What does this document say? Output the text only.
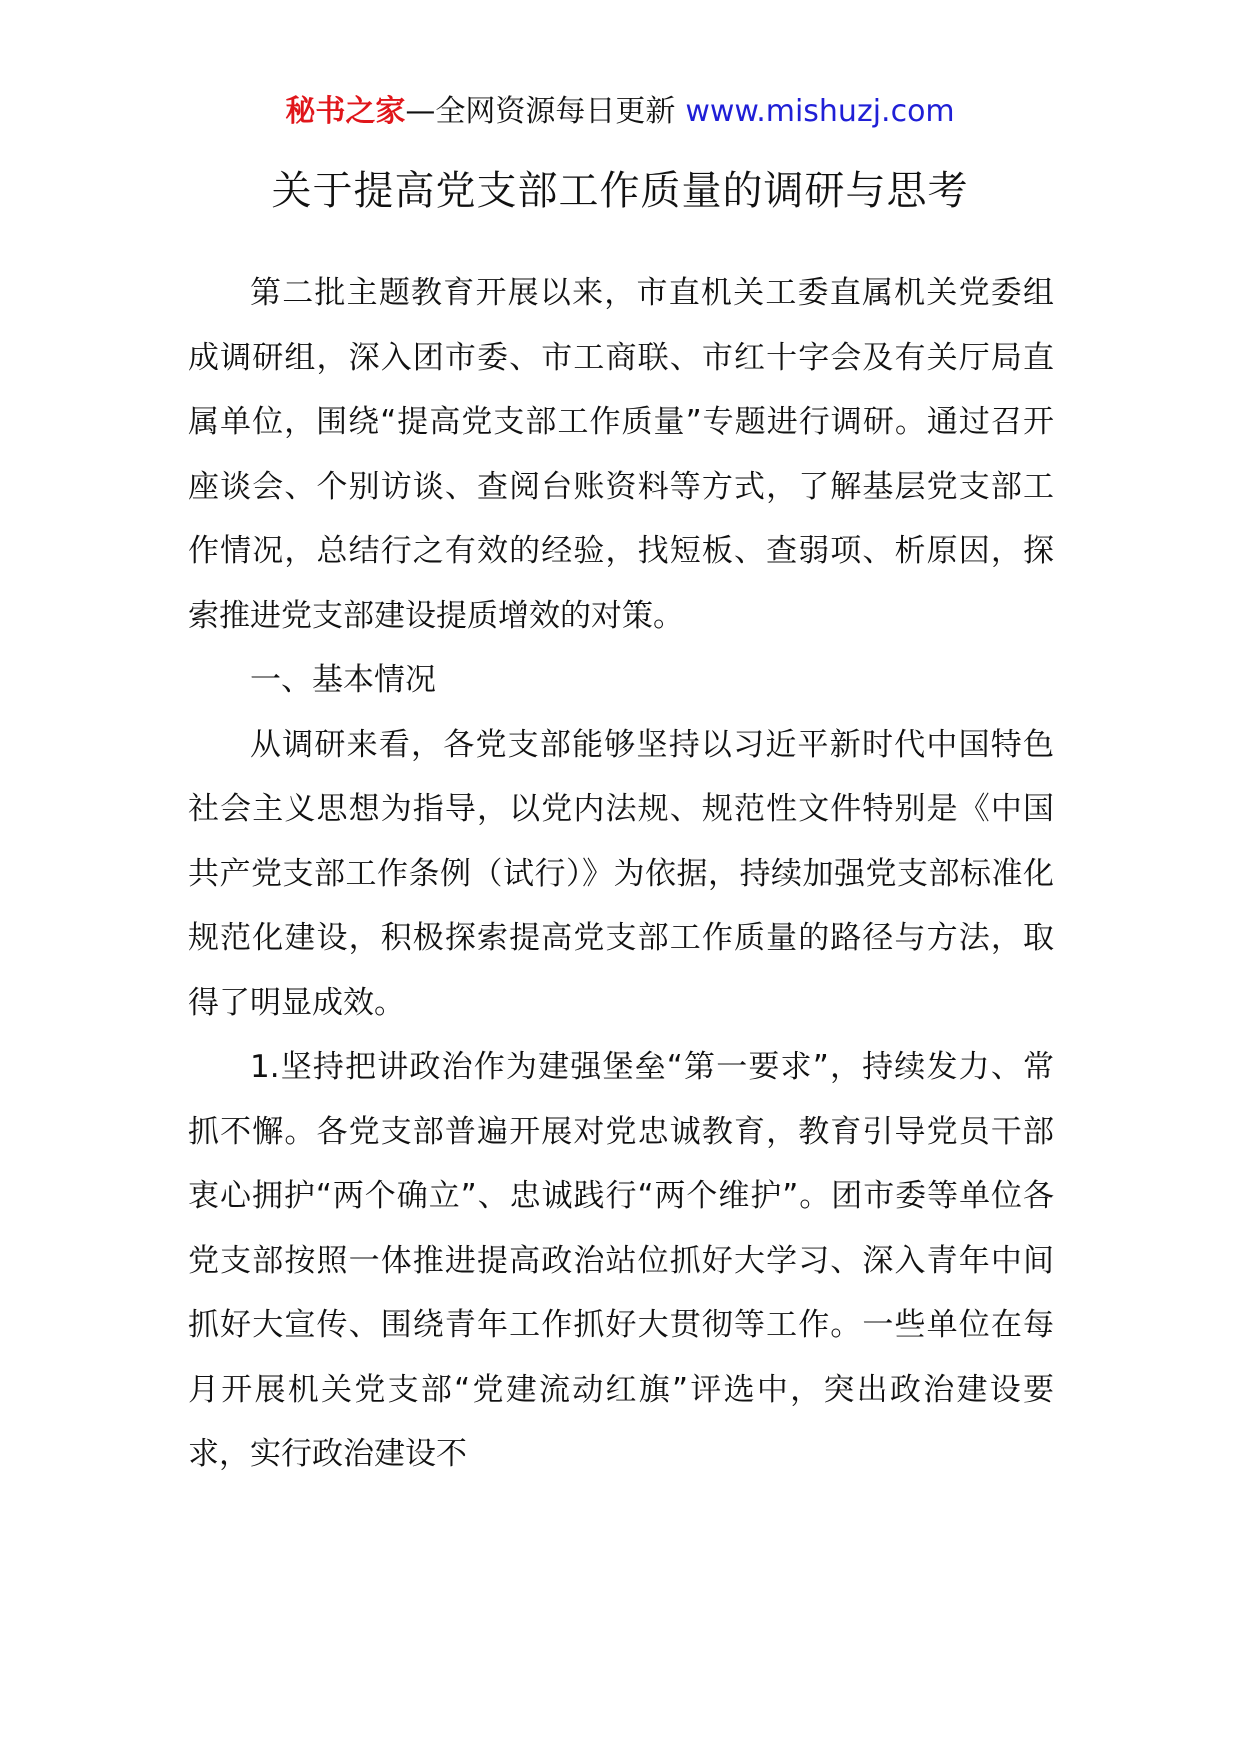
秘书之家—全网资源每日更新 www.mishuzj.com
关于提高党支部工作质量的调研与思考

第二批主题教育开展以来，市直机关工委直属机关党委组成调研组，深入团市委、市工商联、市红十字会及有关厅局直属单位，围绕“提高党支部工作质量”专题进行调研。通过召开座谈会、个别访谈、查阅台账资料等方式，了解基层党支部工作情况，总结行之有效的经验，找短板、查弱项、析原因，探索推进党支部建设提质增效的对策。

一、基本情况

从调研来看，各党支部能够坚持以习近平新时代中国特色社会主义思想为指导，以党内法规、规范性文件特别是《中国共产党支部工作条例（试行）》为依据，持续加强党支部标准化规范化建设，积极探索提高党支部工作质量的路径与方法，取得了明显成效。

1.坚持把讲政治作为建强堡垒“第一要求”，持续发力、常抓不懈。各党支部普遍开展对党忠诚教育，教育引导党员干部衷心拥护“两个确立”、忠诚践行“两个维护”。团市委等单位各党支部按照一体推进提高政治站位抓好大学习、深入青年中间抓好大宣传、围绕青年工作抓好大贯彻等工作。一些单位在每月开展机关党支部“党建流动红旗”评选中，突出政治建设要求，实行政治建设不
